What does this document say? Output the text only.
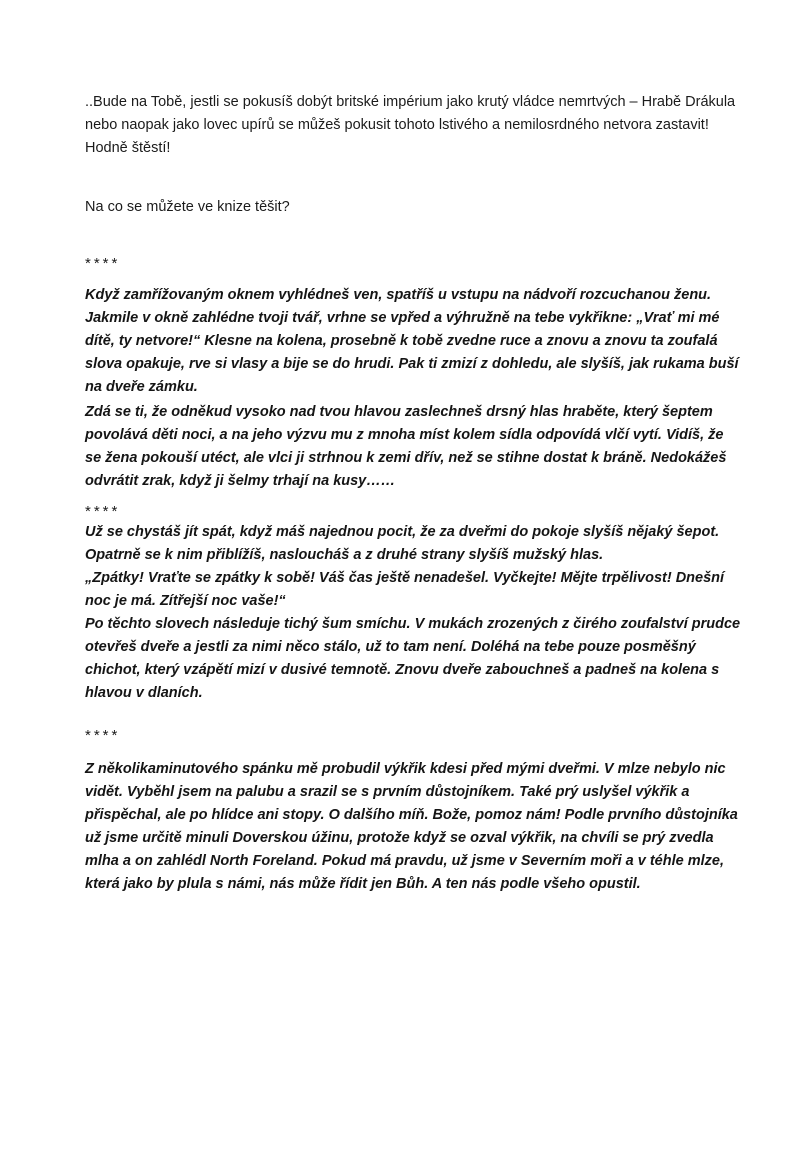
..Bude na Tobě, jestli se pokusíš dobýt britské impérium jako krutý vládce nemrtvých – Hrabě Drákula nebo naopak jako lovec upírů se můžeš pokusit tohoto lstivého a nemilosrdného netvora zastavit! Hodně štěstí!

Na co se můžete ve knize těšit?

****

Když zamřížovaným oknem vyhlédneš ven, spatříš u vstupu na nádvoří rozcuchanou ženu. Jakmile v okně zahlédne tvoji tvář, vrhne se vpřed a výhružně na tebe vykřikne: „Vrať mi mé dítě, ty netvore!“ Klesne na kolena, prosebně k tobě zvedne ruce a znovu a znovu ta zoufalá slova opakuje, rve si vlasy a bije se do hrudi. Pak ti zmizí z dohledu, ale slyšíš, jak rukama buší na dveře zámku.

Zdá se ti, že odněkud vysoko nad tvou hlavou zaslechneš drsný hlas hraběte, který šeptem povolává děti noci, a na jeho výzvu mu z mnoha míst kolem sídla odpovídá vlčí vytí. Vidíš, že se žena pokouší utéct, ale vlci ji strhnou k zemi dřív, než se stihne dostat k bráně. Nedokážeš odvrátit zrak, když ji šelmy trhají na kusy……

****

Už se chystáš jít spát, když máš najednou pocit, že za dveřmi do pokoje slyšíš nějaký šepot. Opatrně se k nim přiblížíš, nasloucháš a z druhé strany slyšíš mužský hlas.

„Zpátky! Vraťte se zpátky k sobě! Váš čas ještě nenadešel. Vyčkejte! Mějte trpělivost! Dnešní noc je má. Zítřejší noc vaše!“

Po těchto slovech následuje tichý šum smíchu. V mukách zrozených z čirého zoufalství prudce otevřeš dveře a jestli za nimi něco stálo, už to tam není. Doléhá na tebe pouze posměšný chichot, který vzápětí mizí v dusivé temnotě. Znovu dveře zabouchneš a padneš na kolena s hlavou v dlaních.

****

Z několikaminutového spánku mě probudil výkřik kdesi před mými dveřmi. V mlze nebylo nic vidět. Vyběhl jsem na palubu a srazil se s prvním důstojníkem. Také prý uslyšel výkřik a přispěchal, ale po hlídce ani stopy. O dalšího míň. Bože, pomoz nám! Podle prvního důstojníka už jsme určitě minuli Doverskou úžinu, protože když se ozval výkřik, na chvíli se prý zvedla mlha a on zahlédl North Foreland. Pokud má pravdu, už jsme v Severním moři a v téhle mlze, která jako by plula s námi, nás může řídit jen Bůh. A ten nás podle všeho opustil.
